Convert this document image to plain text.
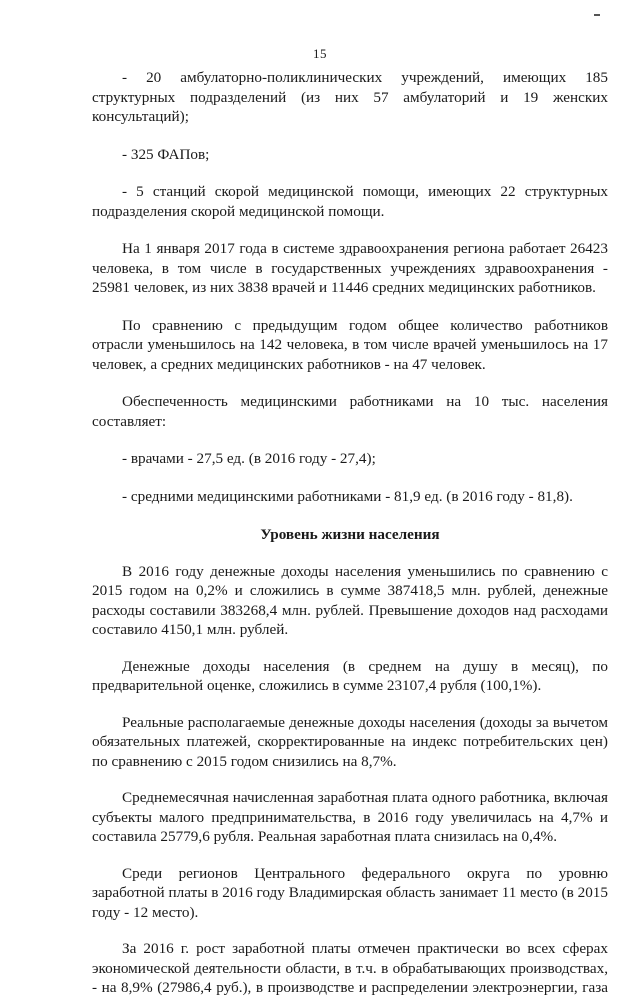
15

- 20 амбулаторно-поликлинических учреждений, имеющих 185 структурных подразделений (из них 57 амбулаторий и 19 женских консультаций);

- 325 ФАПов;

- 5 станций скорой медицинской помощи, имеющих 22 структурных подразделения скорой медицинской помощи.

На 1 января 2017 года в системе здравоохранения региона работает 26423 человека, в том числе в государственных учреждениях здравоохранения - 25981 человек, из них 3838 врачей и 11446 средних медицинских работников.

По сравнению с предыдущим годом общее количество работников отрасли уменьшилось на 142 человека, в том числе врачей уменьшилось на 17 человек, а средних медицинских работников - на 47 человек.

Обеспеченность медицинскими работниками на 10 тыс. населения составляет:

- врачами - 27,5 ед. (в 2016 году - 27,4);

- средними медицинскими работниками - 81,9 ед. (в 2016 году - 81,8).

Уровень жизни населения

В 2016 году денежные доходы населения уменьшились по сравнению с 2015 годом на 0,2% и сложились в сумме 387418,5 млн. рублей, денежные расходы составили 383268,4 млн. рублей. Превышение доходов над расходами составило 4150,1 млн. рублей.

Денежные доходы населения (в среднем на душу в месяц), по предварительной оценке, сложились в сумме 23107,4 рубля (100,1%).

Реальные располагаемые денежные доходы населения (доходы за вычетом обязательных платежей, скорректированные на индекс потребительских цен) по сравнению с 2015 годом снизились на 8,7%.

Среднемесячная начисленная заработная плата одного работника, включая субъекты малого предпринимательства, в 2016 году увеличилась на 4,7% и составила 25779,6 рубля. Реальная заработная плата снизилась на 0,4%.

Среди регионов Центрального федерального округа по уровню заработной платы в 2016 году Владимирская область занимает 11 место (в 2015 году - 12 место).

За 2016 г. рост заработной платы отмечен практически во всех сферах экономической деятельности области, в т.ч. в обрабатывающих производствах, - на 8,9% (27986,4 руб.), в производстве и распределении электроэнергии, газа
